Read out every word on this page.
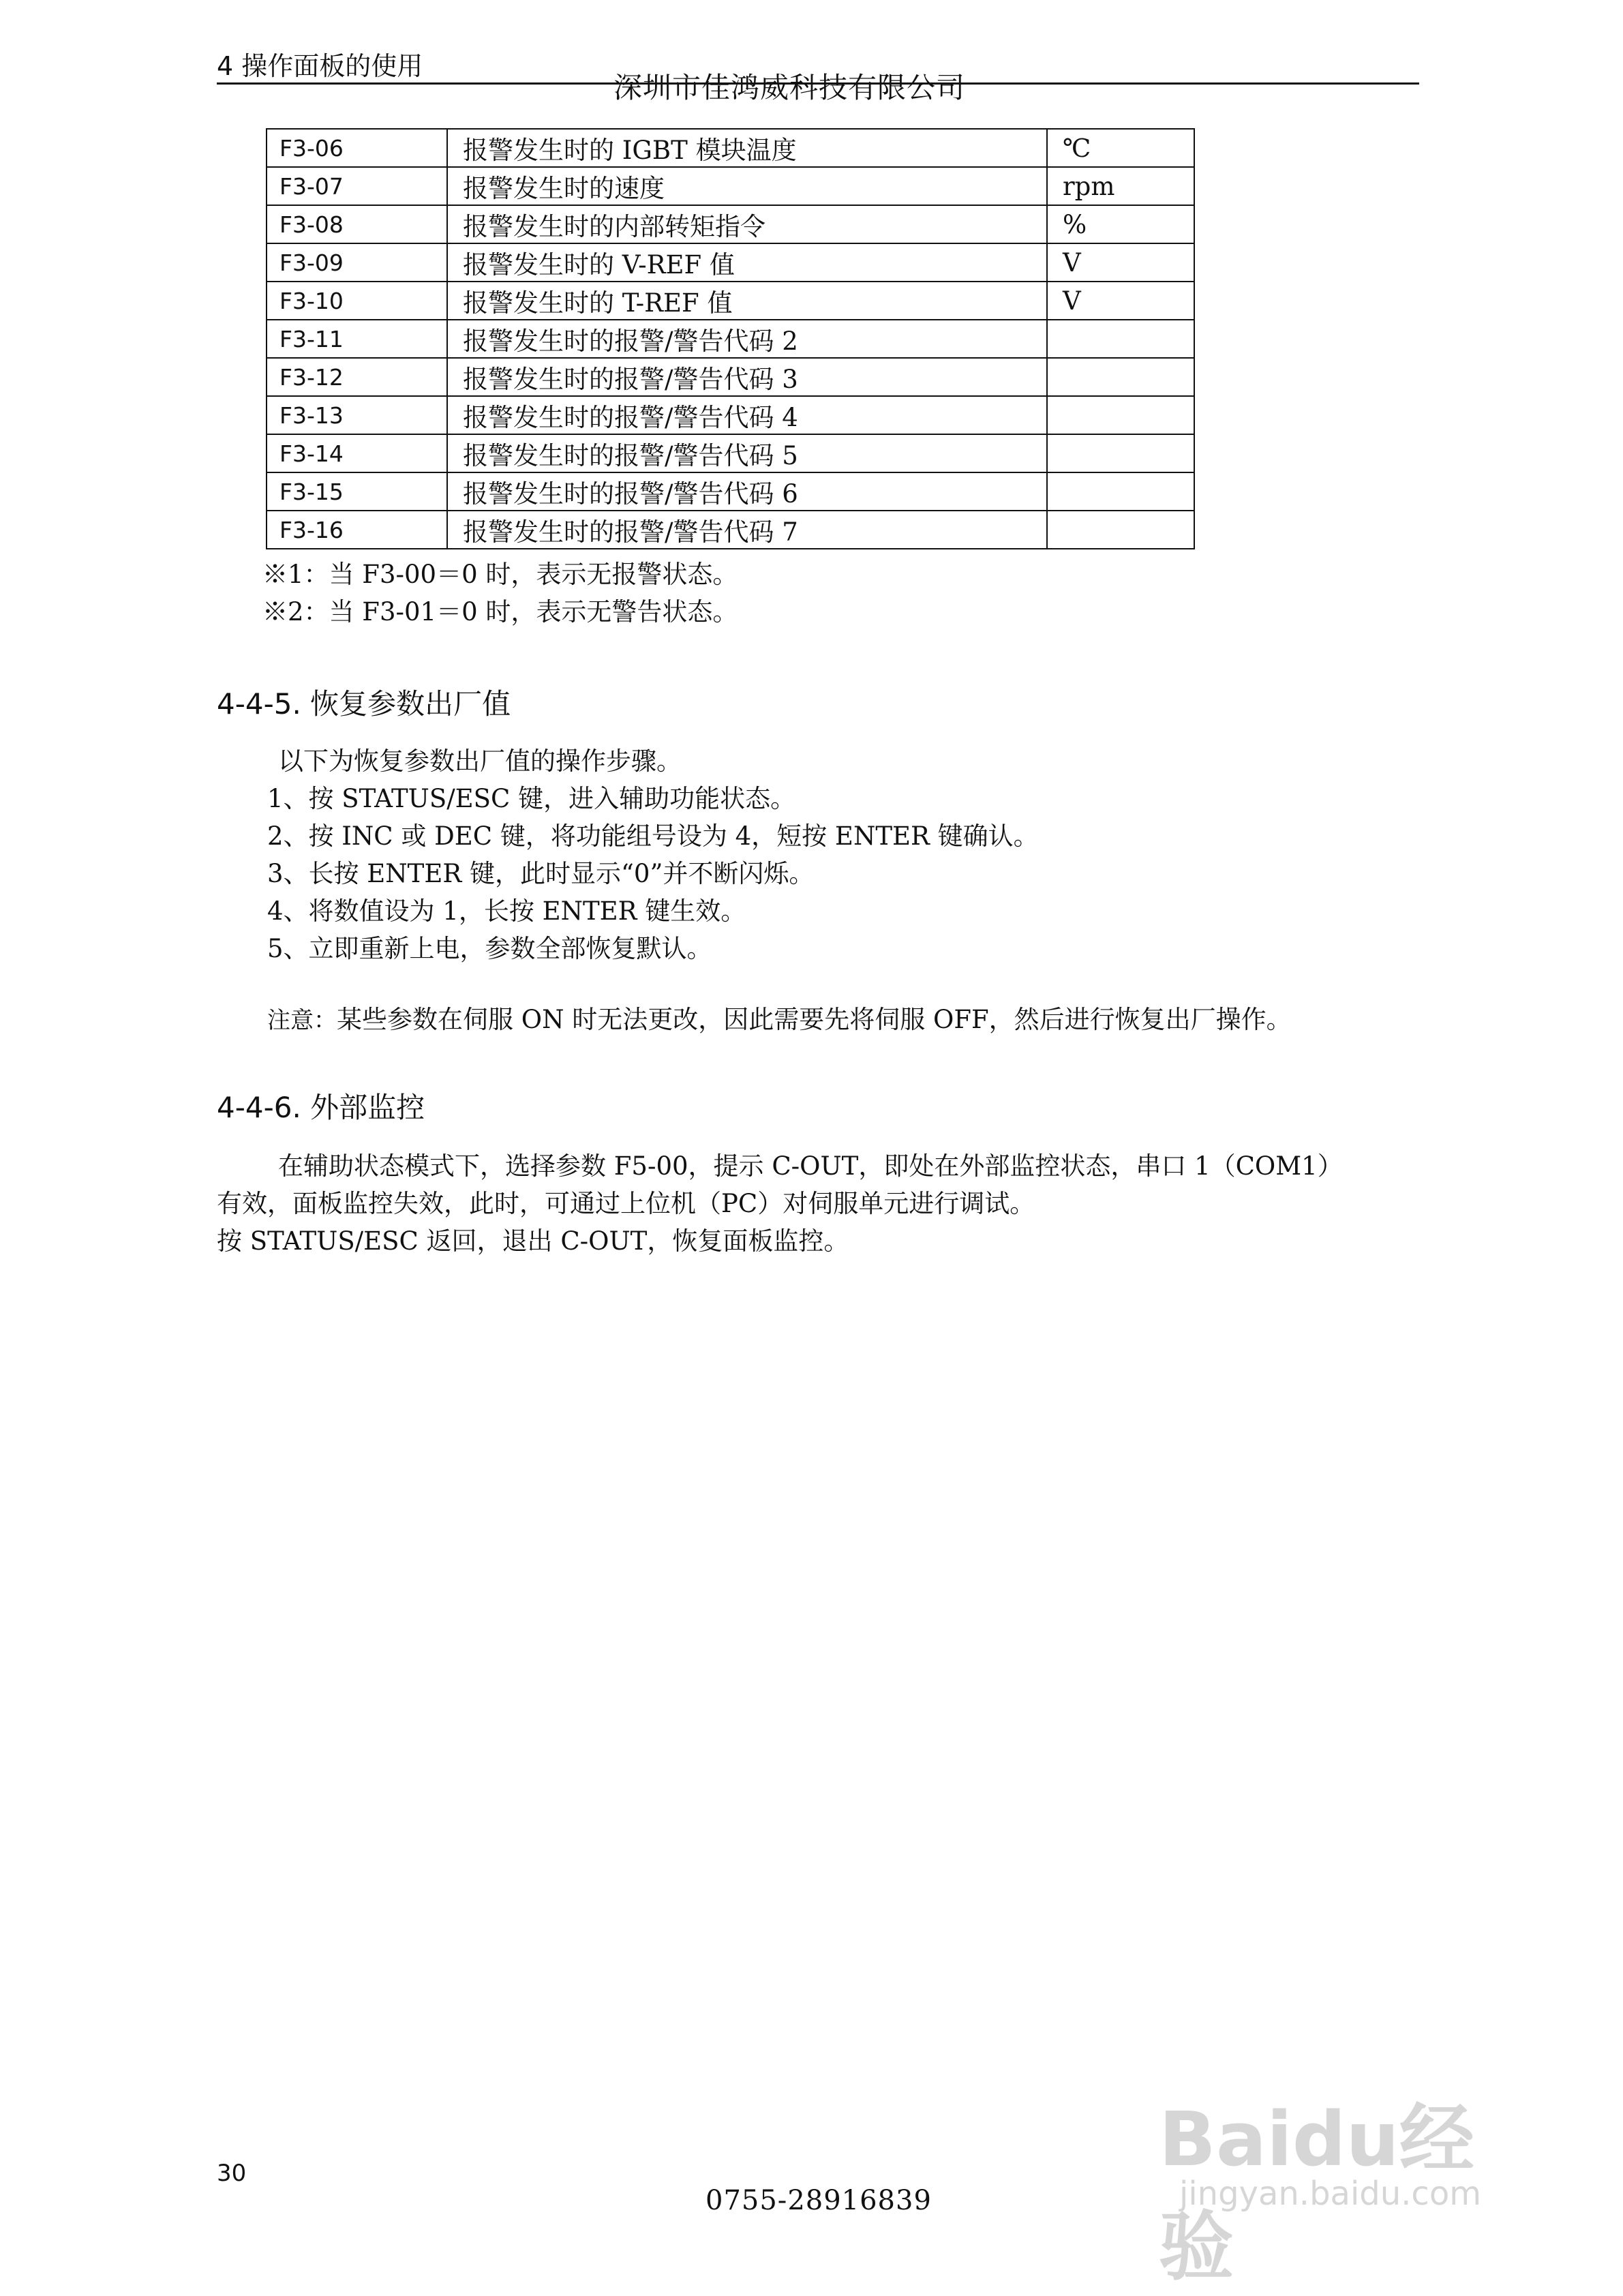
4 操作面板的使用
深圳市佳鸿威科技有限公司
F3-06	报警发生时的 IGBT 模块温度	℃
F3-07	报警发生时的速度	rpm
F3-08	报警发生时的内部转矩指令	%
F3-09	报警发生时的 V-REF 值	V
F3-10	报警发生时的 T-REF 值	V
F3-11	报警发生时的报警/警告代码 2	
F3-12	报警发生时的报警/警告代码 3	
F3-13	报警发生时的报警/警告代码 4	
F3-14	报警发生时的报警/警告代码 5	
F3-15	报警发生时的报警/警告代码 6	
F3-16	报警发生时的报警/警告代码 7	
※1：当 F3-00＝0 时，表示无报警状态。
※2：当 F3-01＝0 时，表示无警告状态。
4-4-5. 恢复参数出厂值
以下为恢复参数出厂值的操作步骤。
1、按 STATUS/ESC 键，进入辅助功能状态。
2、按 INC 或 DEC 键，将功能组号设为 4，短按 ENTER 键确认。
3、长按 ENTER 键，此时显示“0”并不断闪烁。
4、将数值设为 1，长按 ENTER 键生效。
5、立即重新上电，参数全部恢复默认。
注意：某些参数在伺服 ON 时无法更改，因此需要先将伺服 OFF，然后进行恢复出厂操作。
4-4-6. 外部监控
在辅助状态模式下，选择参数 F5-00，提示 C-OUT，即处在外部监控状态，串口 1（COM1）
有效，面板监控失效，此时，可通过上位机（PC）对伺服单元进行调试。
按 STATUS/ESC 返回，退出 C-OUT，恢复面板监控。
30
0755-28916839
Baidu经验
jingyan.baidu.com
